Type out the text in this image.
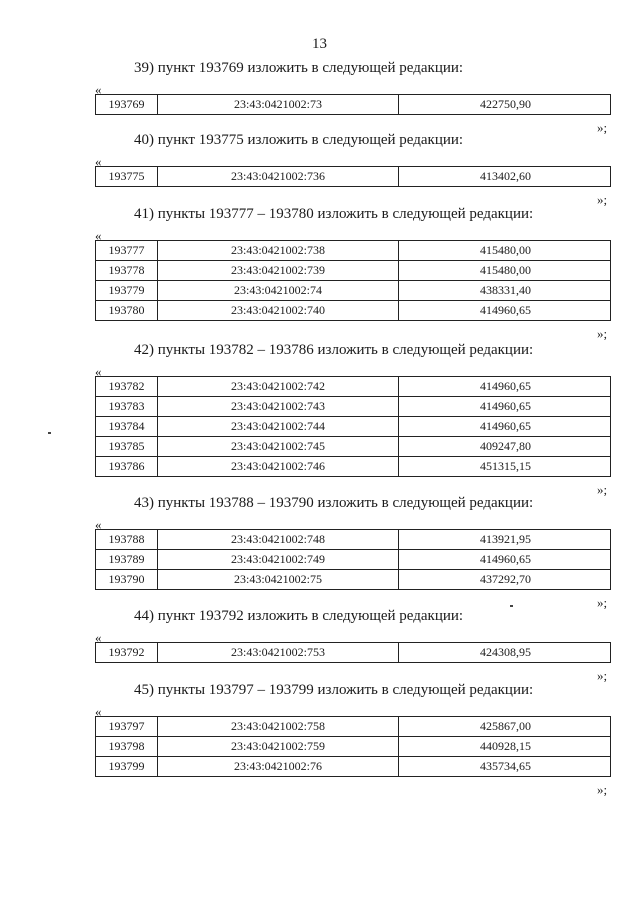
13
39) пункт 193769 изложить в следующей редакции:
«
193769	23:43:0421002:73	422750,90
»;
40) пункт 193775 изложить в следующей редакции:
«
193775	23:43:0421002:736	413402,60
»;
41) пункты 193777 – 193780 изложить в следующей редакции:
«
193777	23:43:0421002:738	415480,00
193778	23:43:0421002:739	415480,00
193779	23:43:0421002:74	438331,40
193780	23:43:0421002:740	414960,65
»;
42) пункты 193782 – 193786 изложить в следующей редакции:
«
193782	23:43:0421002:742	414960,65
193783	23:43:0421002:743	414960,65
193784	23:43:0421002:744	414960,65
193785	23:43:0421002:745	409247,80
193786	23:43:0421002:746	451315,15
»;
43) пункты 193788 – 193790 изложить в следующей редакции:
«
193788	23:43:0421002:748	413921,95
193789	23:43:0421002:749	414960,65
193790	23:43:0421002:75	437292,70
»;
44) пункт 193792 изложить в следующей редакции:
«
193792	23:43:0421002:753	424308,95
»;
45) пункты 193797 – 193799 изложить в следующей редакции:
«
193797	23:43:0421002:758	425867,00
193798	23:43:0421002:759	440928,15
193799	23:43:0421002:76	435734,65
»;
